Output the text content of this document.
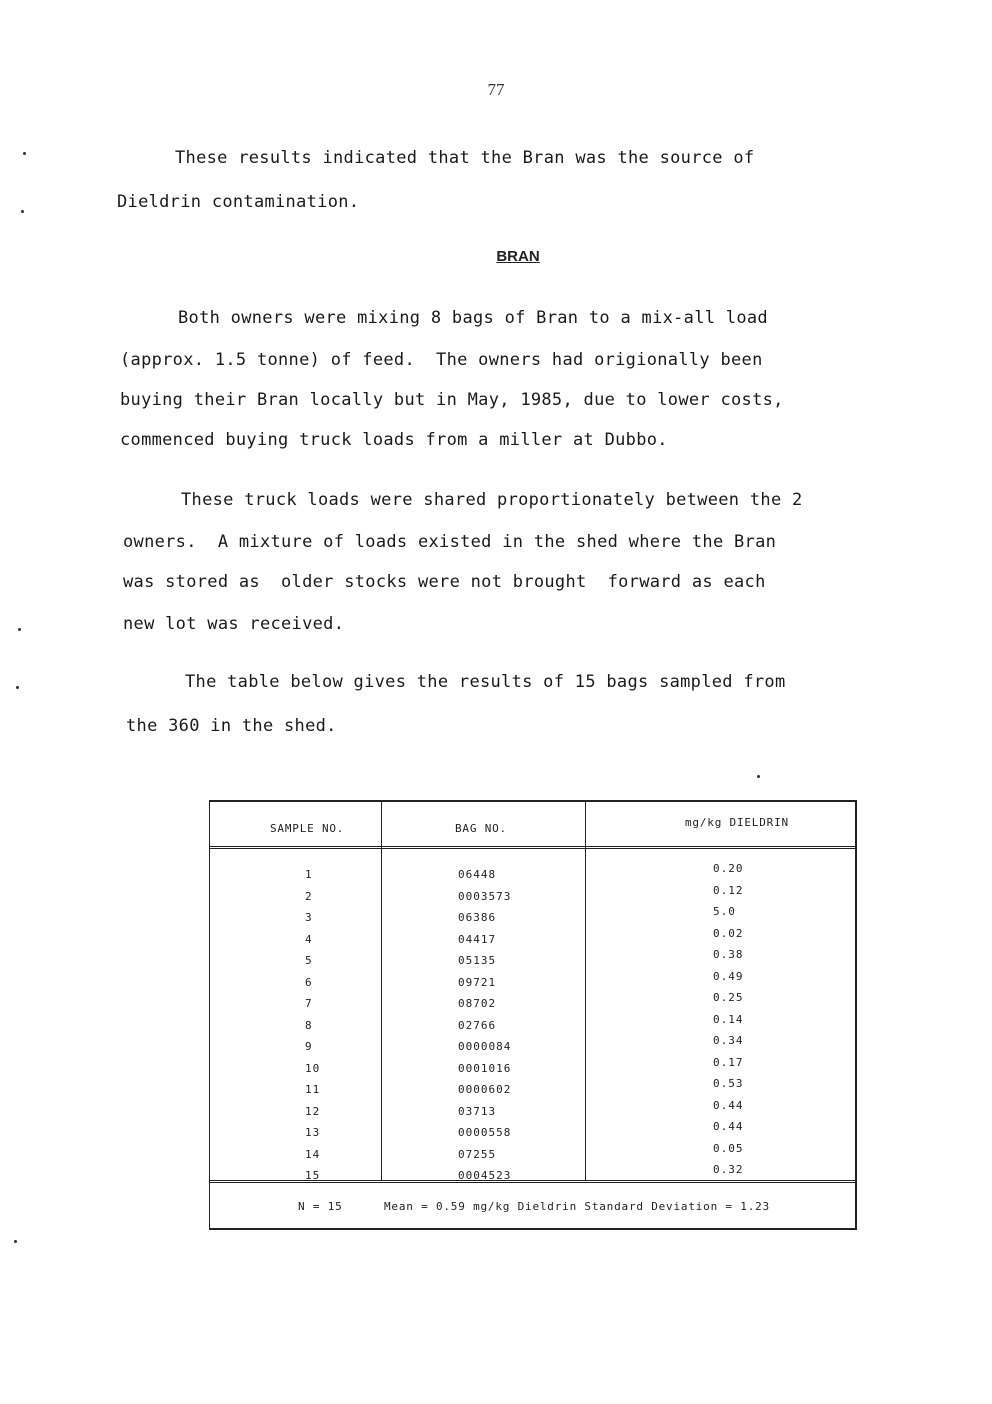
77
These results indicated that the Bran was the source of
Dieldrin contamination.
BRAN
Both owners were mixing 8 bags of Bran to a mix-all load
(approx. 1.5 tonne) of feed.  The owners had origionally been
buying their Bran locally but in May, 1985, due to lower costs,
commenced buying truck loads from a miller at Dubbo.
These truck loads were shared proportionately between the 2
owners.  A mixture of loads existed in the shed where the Bran
was stored as  older stocks were not brought  forward as each
new lot was received.
The table below gives the results of 15 bags sampled from
the 360 in the shed.
SAMPLE NO.	BAG NO.	mg/kg DIELDRIN
1	06448	0.20
2	0003573	0.12
3	06386	5.0
4	04417	0.02
5	05135	0.38
6	09721	0.49
7	08702	0.25
8	02766	0.14
9	0000084	0.34
10	0001016	0.17
11	0000602	0.53
12	03713	0.44
13	0000558	0.44
14	07255	0.05
15	0004523	0.32
N = 15	Mean = 0.59 mg/kg Dieldrin Standard Deviation = 1.23
